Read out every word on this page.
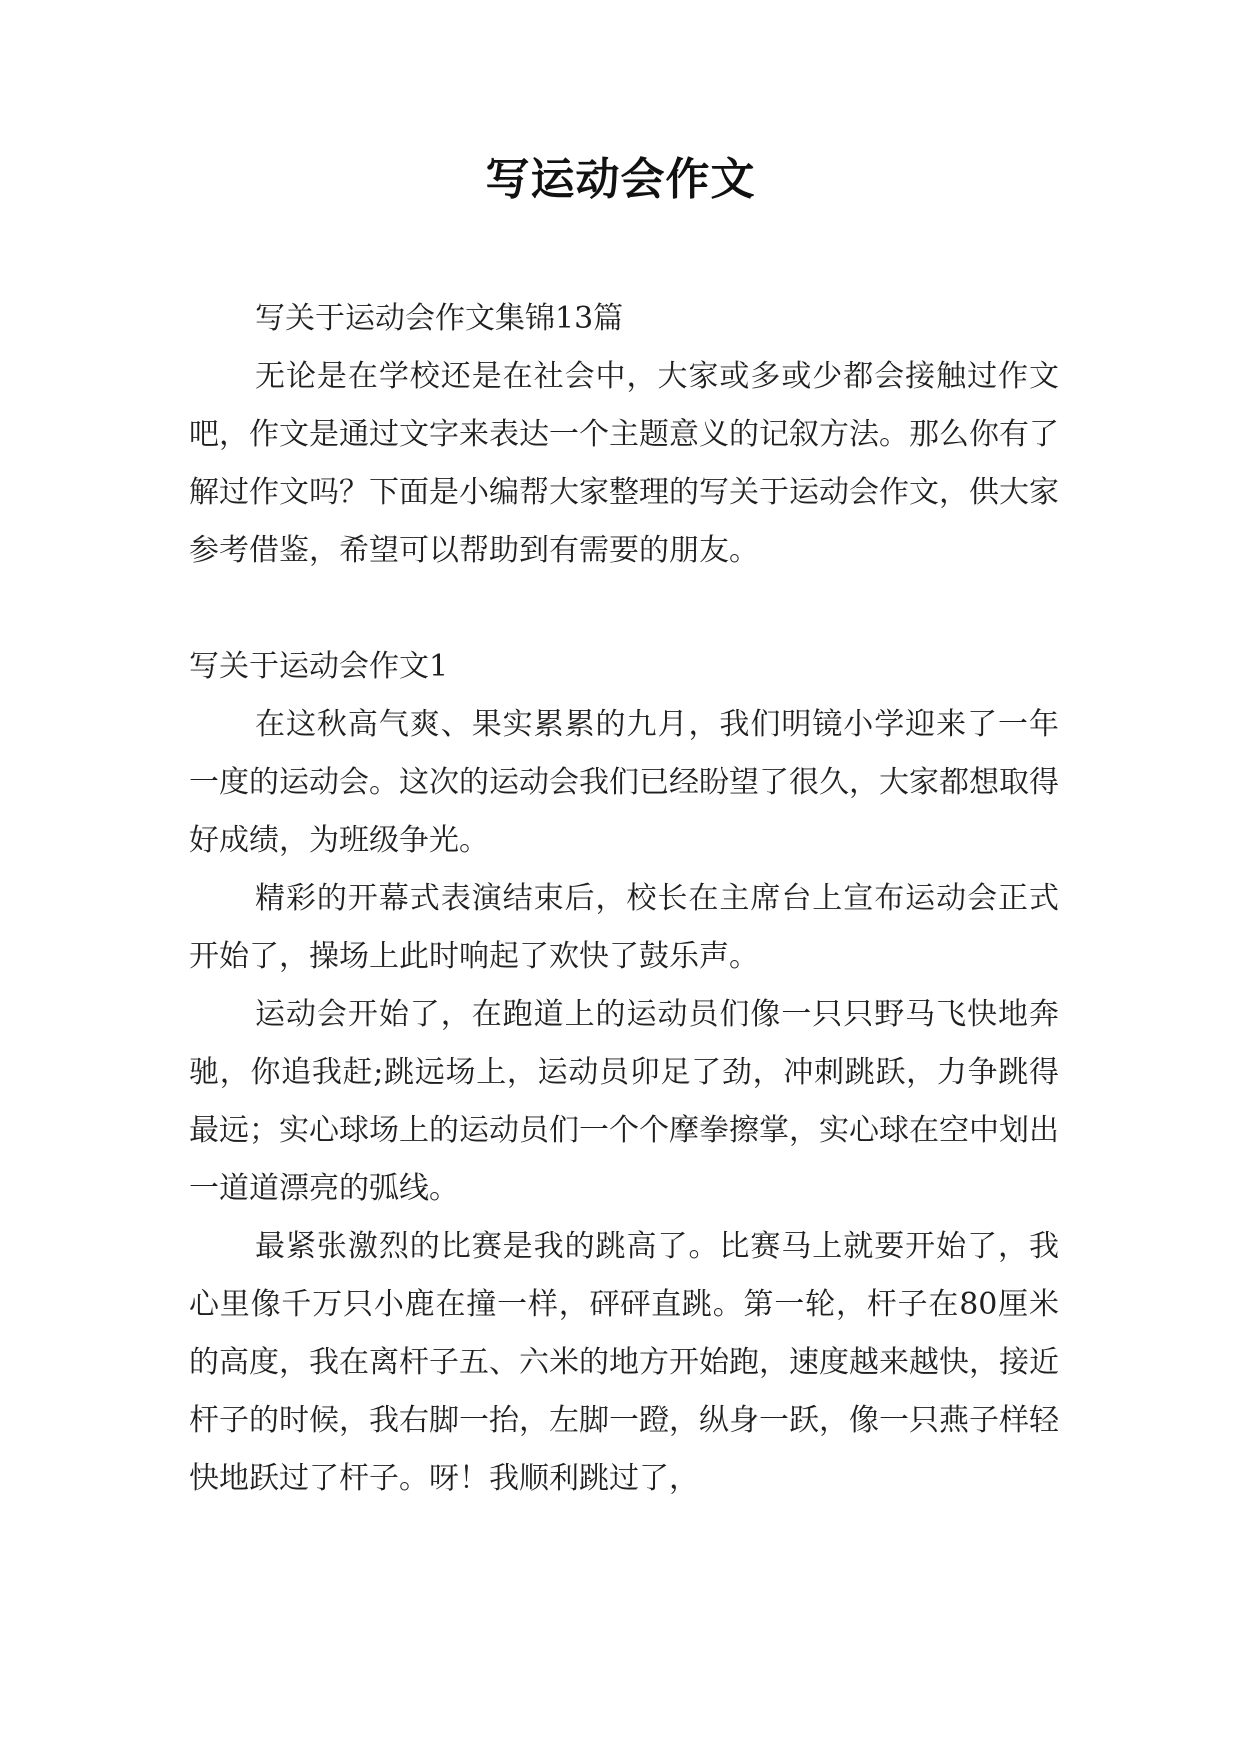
写运动会作文

写关于运动会作文集锦13篇

无论是在学校还是在社会中，大家或多或少都会接触过作文吧，作文是通过文字来表达一个主题意义的记叙方法。那么你有了解过作文吗？下面是小编帮大家整理的写关于运动会作文，供大家参考借鉴，希望可以帮助到有需要的朋友。

写关于运动会作文1

在这秋高气爽、果实累累的九月，我们明镜小学迎来了一年一度的运动会。这次的运动会我们已经盼望了很久，大家都想取得好成绩，为班级争光。

精彩的开幕式表演结束后，校长在主席台上宣布运动会正式开始了，操场上此时响起了欢快了鼓乐声。

运动会开始了，在跑道上的运动员们像一只只野马飞快地奔驰，你追我赶;跳远场上，运动员卯足了劲，冲刺跳跃，力争跳得最远；实心球场上的运动员们一个个摩拳擦掌，实心球在空中划出一道道漂亮的弧线。

最紧张激烈的比赛是我的跳高了。比赛马上就要开始了，我心里像千万只小鹿在撞一样，砰砰直跳。第一轮，杆子在80厘米的高度，我在离杆子五、六米的地方开始跑，速度越来越快，接近杆子的时候，我右脚一抬，左脚一蹬，纵身一跃，像一只燕子样轻快地跃过了杆子。呀！我顺利跳过了，
